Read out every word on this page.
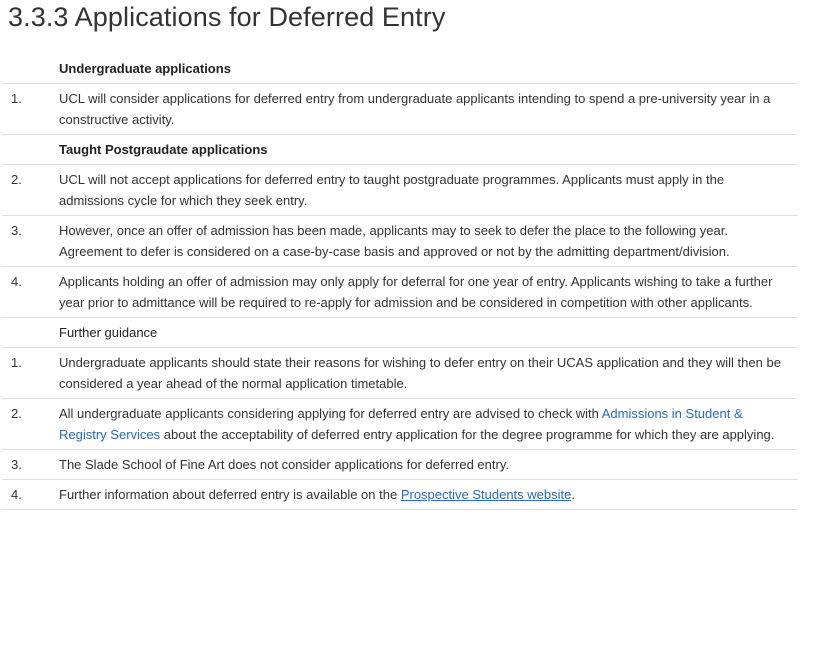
3.3.3 Applications for Deferred Entry
	Undergraduate applications
1.	UCL will consider applications for deferred entry from undergraduate applicants intending to spend a pre-university year in a constructive activity.
	Taught Postgraudate applications
2.	UCL will not accept applications for deferred entry to taught postgraduate programmes. Applicants must apply in the admissions cycle for which they seek entry.
3.	However, once an offer of admission has been made, applicants may to seek to defer the place to the following year. Agreement to defer is considered on a case-by-case basis and approved or not by the admitting department/division.
4.	Applicants holding an offer of admission may only apply for deferral for one year of entry. Applicants wishing to take a further year prior to admittance will be required to re-apply for admission and be considered in competition with other applicants.
	Further guidance
1.	Undergraduate applicants should state their reasons for wishing to defer entry on their UCAS application and they will then be considered a year ahead of the normal application timetable.
2.	All undergraduate applicants considering applying for deferred entry are advised to check with Admissions in Student & Registry Services about the acceptability of deferred entry application for the degree programme for which they are applying.
3.	The Slade School of Fine Art does not consider applications for deferred entry.
4.	Further information about deferred entry is available on the Prospective Students website.
